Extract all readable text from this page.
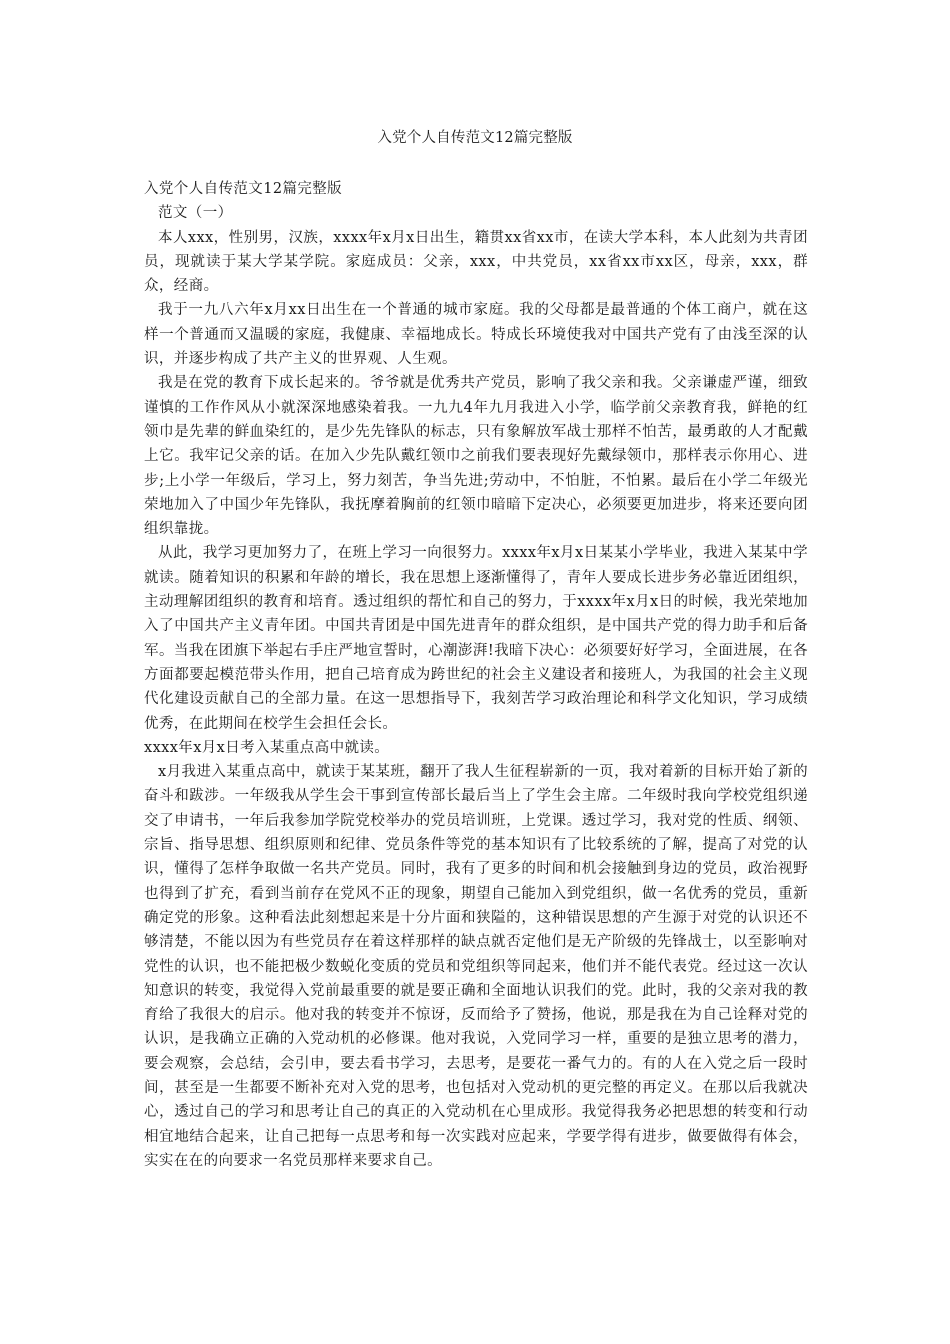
入党个人自传范文12篇完整版

入党个人自传范文12篇完整版

范文（一）

本人xxx，性别男，汉族，xxxx年x月x日出生，籍贯xx省xx市，在读大学本科，本人此刻为共青团员，现就读于某大学某学院。家庭成员：父亲，xxx，中共党员，xx省xx市xx区，母亲，xxx，群众，经商。

我于一九八六年x月xx日出生在一个普通的城市家庭。我的父母都是最普通的个体工商户，就在这样一个普通而又温暖的家庭，我健康、幸福地成长。特成长环境使我对中国共产党有了由浅至深的认识，并逐步构成了共产主义的世界观、人生观。

我是在党的教育下成长起来的。爷爷就是优秀共产党员，影响了我父亲和我。父亲谦虚严谨，细致谨慎的工作作风从小就深深地感染着我。一九九4年九月我进入小学，临学前父亲教育我，鲜艳的红领巾是先辈的鲜血染红的，是少先先锋队的标志，只有象解放军战士那样不怕苦，最勇敢的人才配戴上它。我牢记父亲的话。在加入少先队戴红领巾之前我们要表现好先戴绿领巾，那样表示你用心、进步;上小学一年级后，学习上，努力刻苦，争当先进;劳动中，不怕脏，不怕累。最后在小学二年级光荣地加入了中国少年先锋队，我抚摩着胸前的红领巾暗暗下定决心，必须要更加进步，将来还要向团组织靠拢。

从此，我学习更加努力了，在班上学习一向很努力。xxxx年x月x日某某小学毕业，我进入某某中学就读。随着知识的积累和年龄的增长，我在思想上逐渐懂得了，青年人要成长进步务必靠近团组织，主动理解团组织的教育和培育。透过组织的帮忙和自己的努力，于xxxx年x月x日的时候，我光荣地加入了中国共产主义青年团。中国共青团是中国先进青年的群众组织，是中国共产党的得力助手和后备军。当我在团旗下举起右手庄严地宣誓时，心潮澎湃!我暗下决心：必须要好好学习，全面进展，在各方面都要起模范带头作用，把自己培育成为跨世纪的社会主义建设者和接班人，为我国的社会主义现代化建设贡献自己的全部力量。在这一思想指导下，我刻苦学习政治理论和科学文化知识，学习成绩优秀，在此期间在校学生会担任会长。

xxxx年x月x日考入某重点高中就读。

x月我进入某重点高中，就读于某某班，翻开了我人生征程崭新的一页，我对着新的目标开始了新的奋斗和跋涉。一年级我从学生会干事到宣传部长最后当上了学生会主席。二年级时我向学校党组织递交了申请书，一年后我参加学院党校举办的党员培训班，上党课。透过学习，我对党的性质、纲领、宗旨、指导思想、组织原则和纪律、党员条件等党的基本知识有了比较系统的了解，提高了对党的认识，懂得了怎样争取做一名共产党员。同时，我有了更多的时间和机会接触到身边的党员，政治视野也得到了扩充，看到当前存在党风不正的现象，期望自己能加入到党组织，做一名优秀的党员，重新确定党的形象。这种看法此刻想起来是十分片面和狭隘的，这种错误思想的产生源于对党的认识还不够清楚，不能以因为有些党员存在着这样那样的缺点就否定他们是无产阶级的先锋战士，以至影响对党性的认识，也不能把极少数蜕化变质的党员和党组织等同起来，他们并不能代表党。经过这一次认知意识的转变，我觉得入党前最重要的就是要正确和全面地认识我们的党。此时，我的父亲对我的教育给了我很大的启示。他对我的转变并不惊讶，反而给予了赞扬，他说，那是我在为自己诠释对党的认识，是我确立正确的入党动机的必修课。他对我说，入党同学习一样，重要的是独立思考的潜力，要会观察，会总结，会引申，要去看书学习，去思考，是要花一番气力的。有的人在入党之后一段时间，甚至是一生都要不断补充对入党的思考，也包括对入党动机的更完整的再定义。在那以后我就决心，透过自己的学习和思考让自己的真正的入党动机在心里成形。我觉得我务必把思想的转变和行动相宜地结合起来，让自己把每一点思考和每一次实践对应起来，学要学得有进步，做要做得有体会，实实在在的向要求一名党员那样来要求自己。
